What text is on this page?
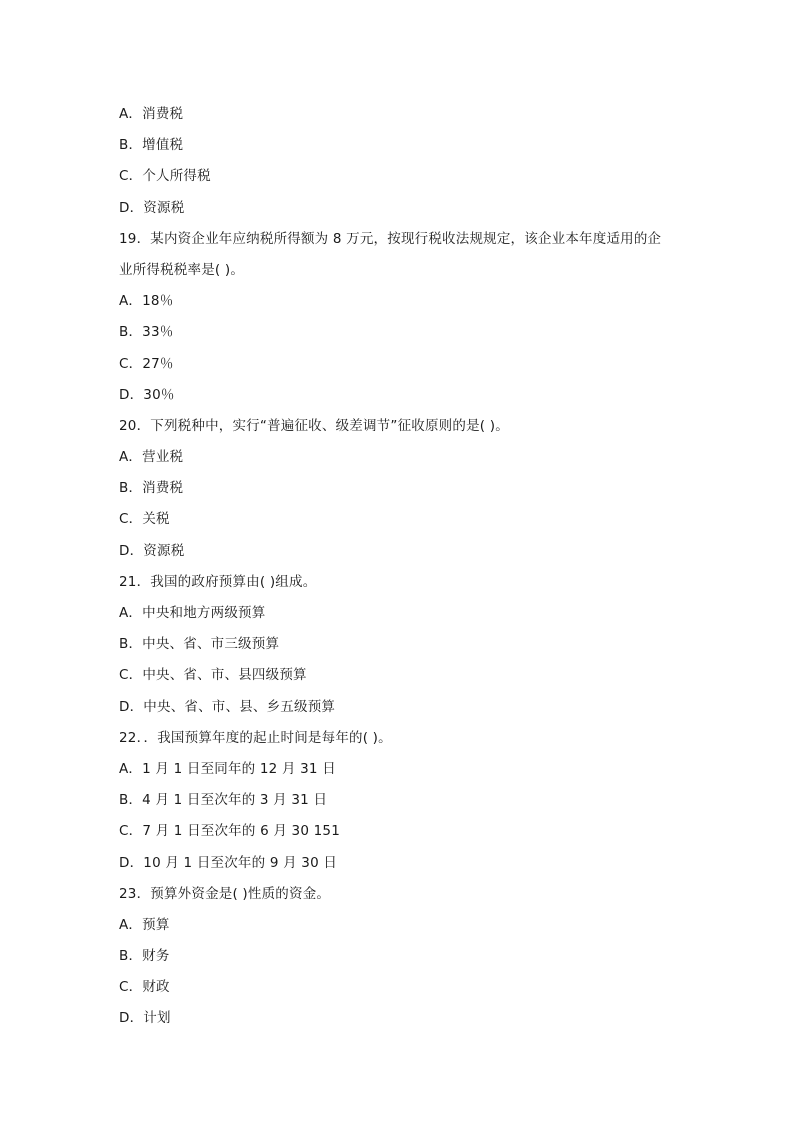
A．消费税
B．增值税
C．个人所得税
D．资源税
19．某内资企业年应纳税所得额为 8 万元，按现行税收法规规定，该企业本年度适用的企
业所得税税率是( )。
A．18％
B．33％
C．27％
D．30％
20．下列税种中，实行“普遍征收、级差调节”征收原则的是( )。
A．营业税
B．消费税
C．关税
D．资源税
21．我国的政府预算由( )组成。
A．中央和地方两级预算
B．中央、省、市三级预算
C．中央、省、市、县四级预算
D．中央、省、市、县、乡五级预算
22．．我国预算年度的起止时间是每年的( )。
A．1 月 1 日至同年的 12 月 31 日
B．4 月 1 日至次年的 3 月 31 日
C．7 月 1 日至次年的 6 月 30 151
D．10 月 1 日至次年的 9 月 30 日
23．预算外资金是( )性质的资金。
A．预算
B．财务
C．财政
D．计划
